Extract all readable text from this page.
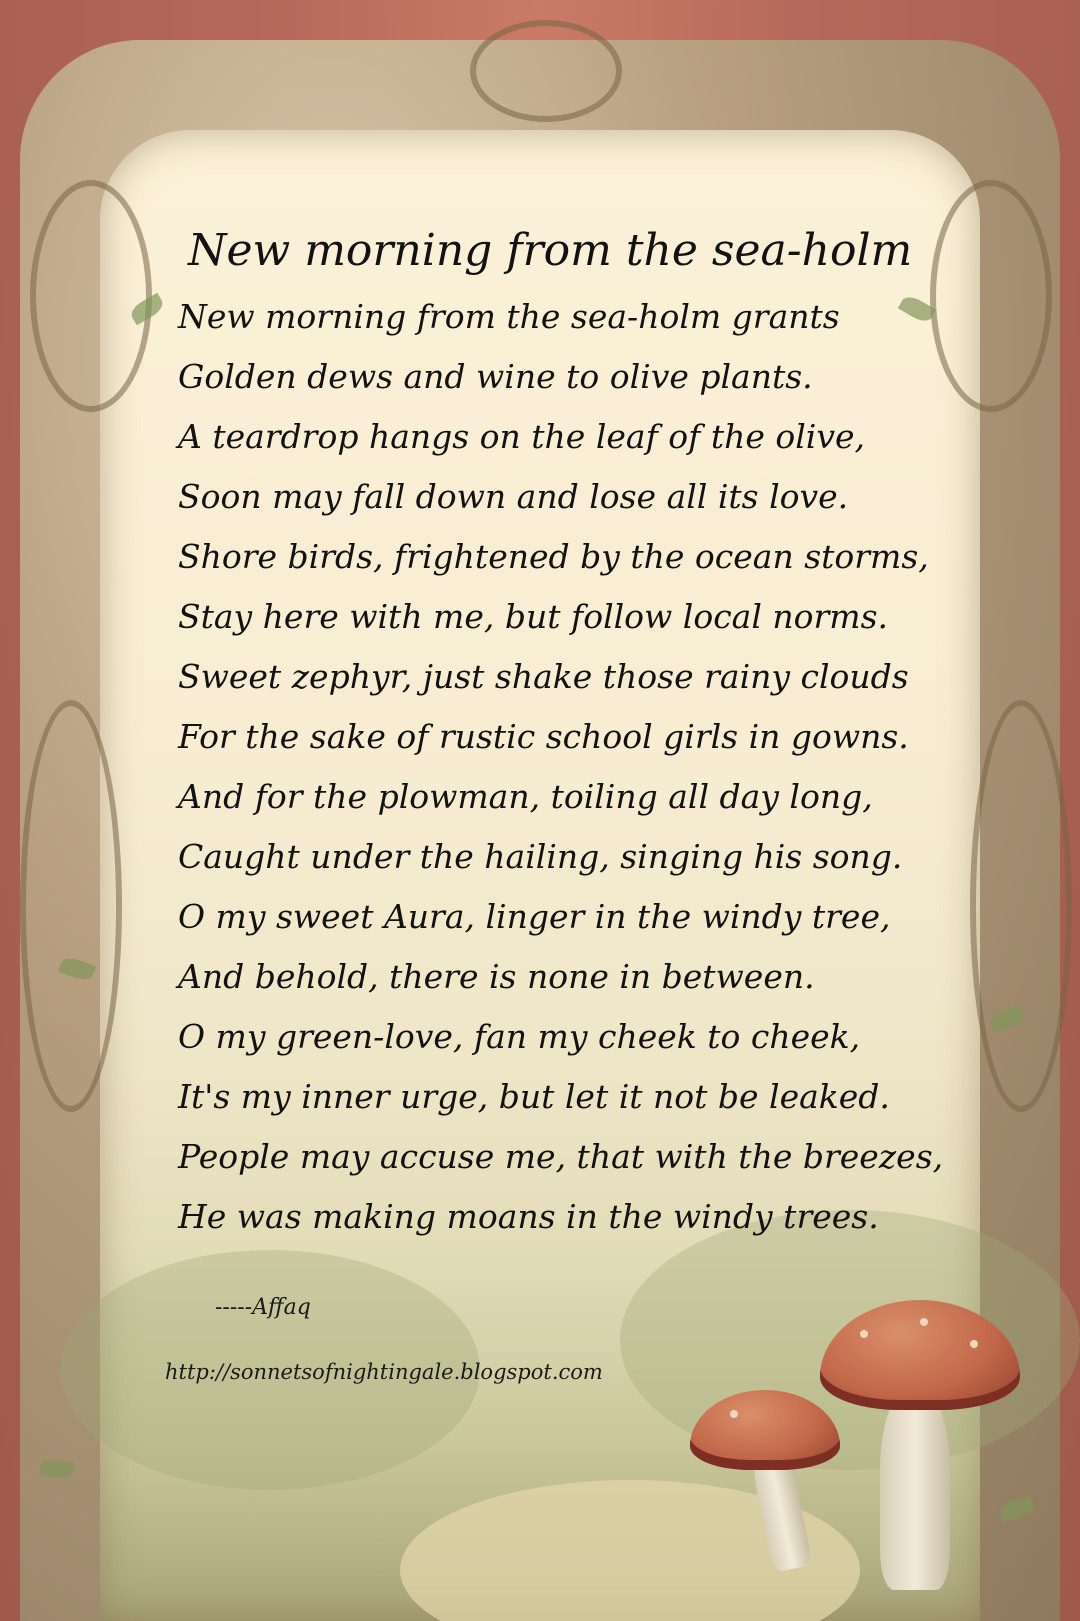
New morning from the sea-holm
New morning from the sea-holm grants
Golden dews and wine to olive plants.
A teardrop hangs on the leaf of the olive,
Soon may fall down and lose all its love.
Shore birds, frightened by the ocean storms,
Stay here with me, but follow local norms.
Sweet zephyr, just shake those rainy clouds
For the sake of rustic school girls in gowns.
And for the plowman, toiling all day long,
Caught under the hailing, singing his song.
O my sweet Aura, linger in the windy tree,
And behold, there is none in between.
O my green-love, fan my cheek to cheek,
It's my inner urge, but let it not be leaked.
People may accuse me, that with the breezes,
He was making moans in the windy trees.
-----Affaq
http://sonnetsofnightingale.blogspot.com
